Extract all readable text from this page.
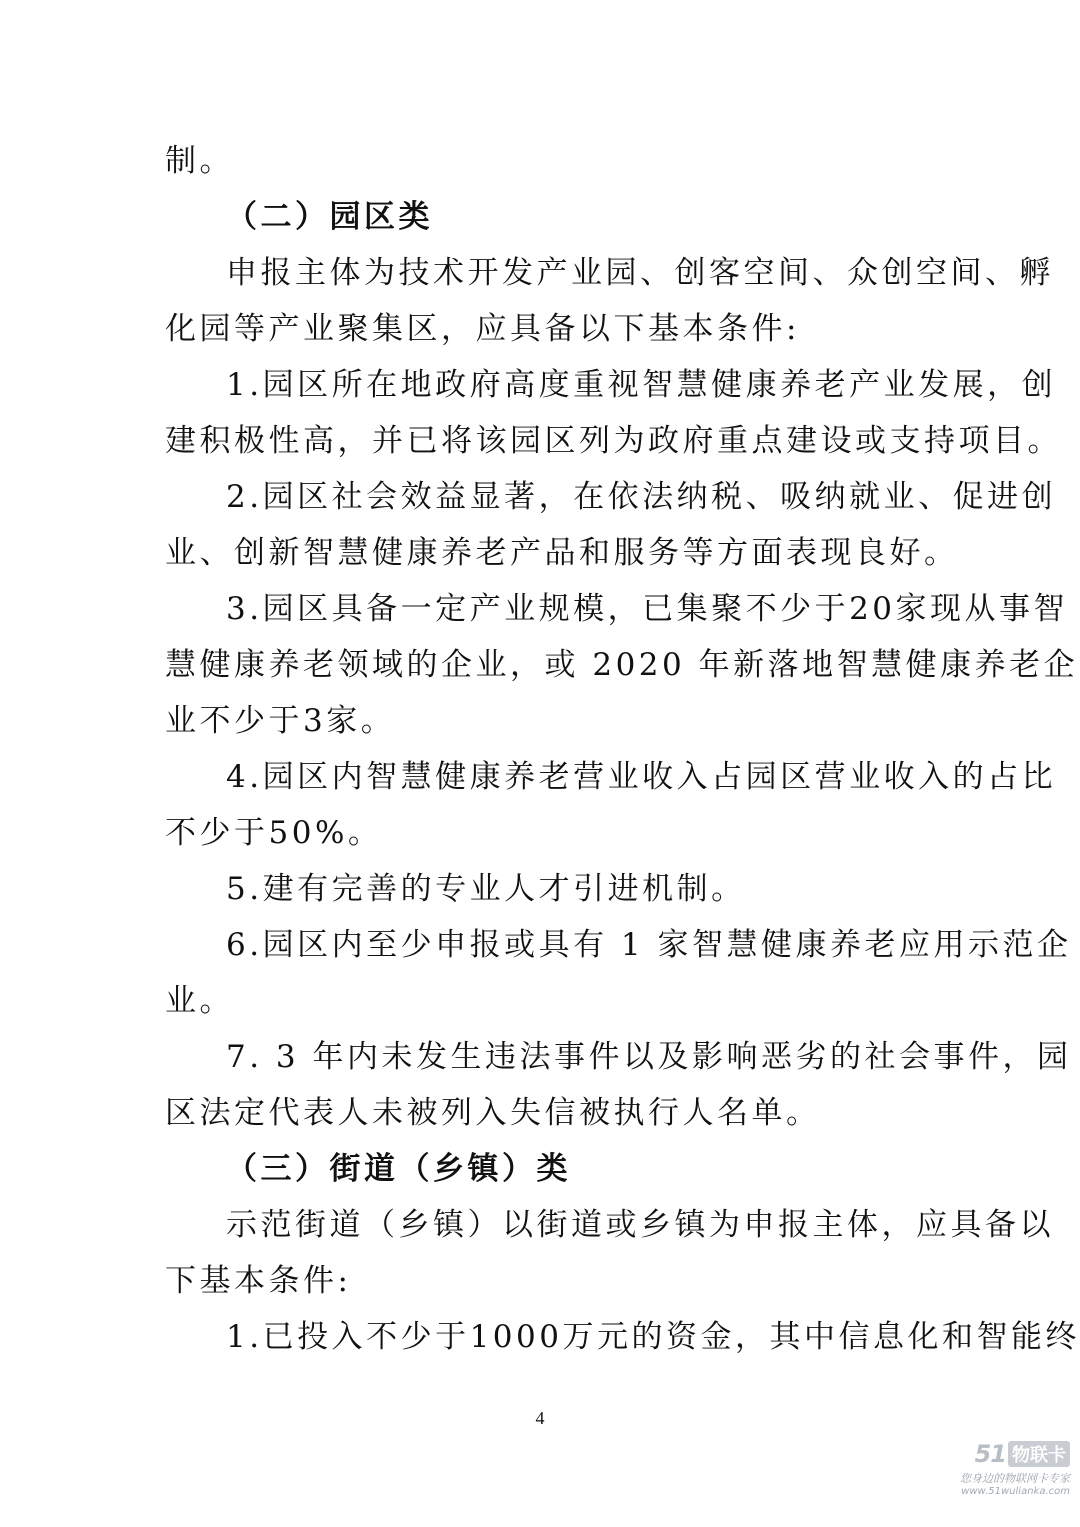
制。
（二）园区类
申报主体为技术开发产业园、创客空间、众创空间、孵
化园等产业聚集区，应具备以下基本条件:
1.园区所在地政府高度重视智慧健康养老产业发展，创
建积极性高，并已将该园区列为政府重点建设或支持项目。
2.园区社会效益显著，在依法纳税、吸纳就业、促进创
业、创新智慧健康养老产品和服务等方面表现良好。
3.园区具备一定产业规模，已集聚不少于20家现从事智
慧健康养老领域的企业，或 2020 年新落地智慧健康养老企
业不少于3家。
4.园区内智慧健康养老营业收入占园区营业收入的占比
不少于50%。
5.建有完善的专业人才引进机制。
6.园区内至少申报或具有 1 家智慧健康养老应用示范企
业。
7. 3 年内未发生违法事件以及影响恶劣的社会事件，园
区法定代表人未被列入失信被执行人名单。
（三）街道（乡镇）类
示范街道（乡镇）以街道或乡镇为申报主体，应具备以
下基本条件:
1.已投入不少于1000万元的资金，其中信息化和智能终
4
51 物联卡
您身边的物联网卡专家
www.51wulianka.com
